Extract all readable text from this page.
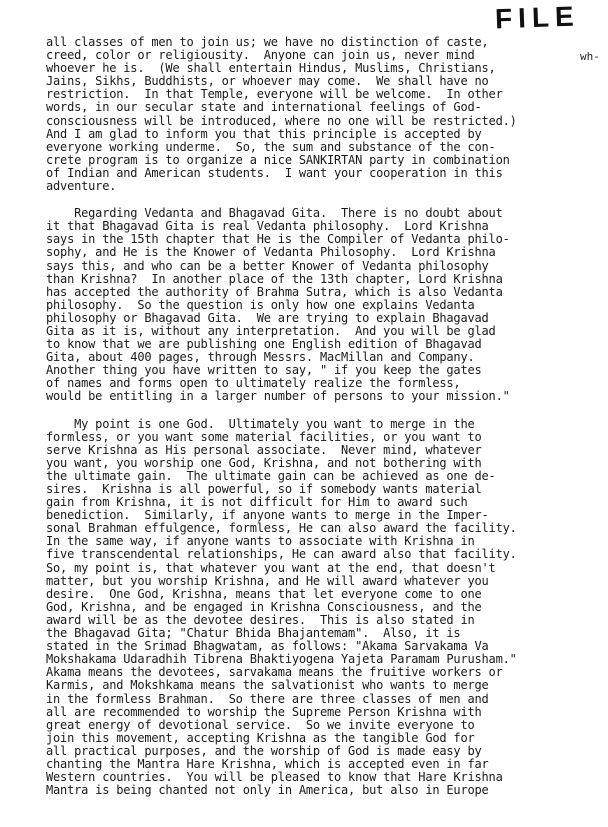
FILE
wh-
all classes of men to join us; we have no distinction of caste,
creed, color or religiousity.  Anyone can join us, never mind
whoever he is.  (We shall entertain Hindus, Muslims, Christians,
Jains, Sikhs, Buddhists, or whoever may come.  We shall have no
restriction.  In that Temple, everyone will be welcome.  In other
words, in our secular state and international feelings of God-
consciousness will be introduced, where no one will be restricted.)
And I am glad to inform you that this principle is accepted by
everyone working underme.  So, the sum and substance of the con-
crete program is to organize a nice SANKIRTAN party in combination
of Indian and American students.  I want your cooperation in this
adventure.
Regarding Vedanta and Bhagavad Gita.  There is no doubt about
it that Bhagavad Gita is real Vedanta philosophy.  Lord Krishna
says in the 15th chapter that He is the Compiler of Vedanta philo-
sophy, and He is the Knower of Vedanta Philosophy.  Lord Krishna
says this, and who can be a better Knower of Vedanta philosophy
than Krishna?  In another place of the 13th chapter, Lord Krishna
has accepted the authority of Brahma Sutra, which is also Vedanta
philosophy.  So the question is only how one explains Vedanta
philosophy or Bhagavad Gita.  We are trying to explain Bhagavad
Gita as it is, without any interpretation.  And you will be glad
to know that we are publishing one English edition of Bhagavad
Gita, about 400 pages, through Messrs. MacMillan and Company.
Another thing you have written to say, " if you keep the gates
of names and forms open to ultimately realize the formless,
would be entitling in a larger number of persons to your mission."
My point is one God.  Ultimately you want to merge in the
formless, or you want some material facilities, or you want to
serve Krishna as His personal associate.  Never mind, whatever
you want, you worship one God, Krishna, and not bothering with
the ultimate gain.  The ultimate gain can be achieved as one de-
sires.  Krishna is all powerful, so if somebody wants material
gain from Krishna, it is not difficult for Him to award such
benediction.  Similarly, if anyone wants to merge in the Imper-
sonal Brahman effulgence, formless, He can also award the facility.
In the same way, if anyone wants to associate with Krishna in
five transcendental relationships, He can award also that facility.
So, my point is, that whatever you want at the end, that doesn't
matter, but you worship Krishna, and He will award whatever you
desire.  One God, Krishna, means that let everyone come to one
God, Krishna, and be engaged in Krishna Consciousness, and the
award will be as the devotee desires.  This is also stated in
the Bhagavad Gita; "Chatur Bhida Bhajantemam".  Also, it is
stated in the Srimad Bhagwatam, as follows: "Akama Sarvakama Va
Mokshakama Udaradhih Tibrena Bhaktiyogena Yajeta Paramam Purusham."
Akama means the devotees, sarvakama means the fruitive workers or
Karmis, and Mokshkama means the salvationist who wants to merge
in the formless Brahman.  So there are three classes of men and
all are recommended to worship the Supreme Person Krishna with
great energy of devotional service.  So we invite everyone to
join this movement, accepting Krishna as the tangible God for
all practical purposes, and the worship of God is made easy by
chanting the Mantra Hare Krishna, which is accepted even in far
Western countries.  You will be pleased to know that Hare Krishna
Mantra is being chanted not only in America, but also in Europe
